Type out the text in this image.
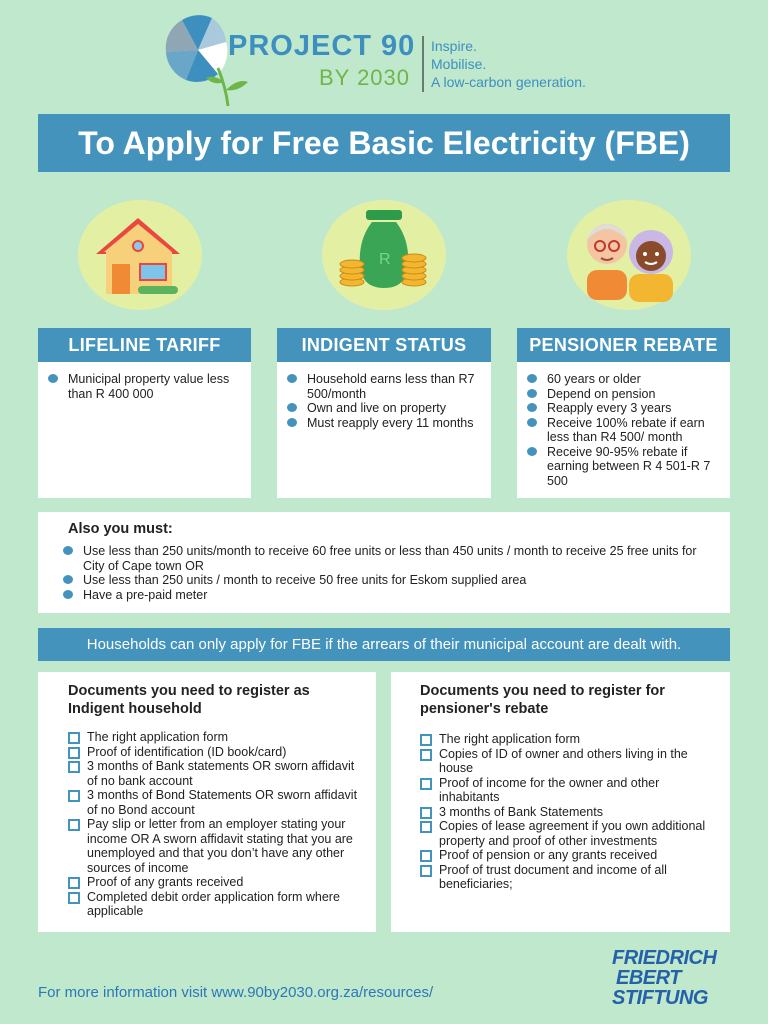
PROJECT 90
BY 2030
Inspire.
Mobilise.
A low-carbon generation.
To Apply for Free Basic Electricity (FBE)
R
LIFELINE TARIFF	INDIGENT STATUS	PENSIONER REBATE
Municipal property value less than R 400 000
Household earns less than R7 500/month
Own and live on property
Must reapply every 11 months
60 years or older
Depend on pension
Reapply every 3 years
Receive 100% rebate if earn less than R4 500/ month
Receive 90-95% rebate if earning between R 4 501-R 7 500
Also you must:
Use less than 250 units/month to receive 60 free units or less than 450 units / month to receive 25 free units for City of Cape town OR
Use less than 250 units / month to receive 50 free units for Eskom supplied area
Have a pre-paid meter
Households can only apply for FBE if the arrears of their municipal account are dealt with.
Documents you need to register as Indigent household
The right application form
Proof of identification (ID book/card)
3 months of Bank statements OR sworn affidavit of no bank account
3 months of Bond Statements OR sworn affidavit of no Bond account
Pay slip or letter from an employer stating your income OR A sworn affidavit stating that you are unemployed and that you don’t have any other sources of income
Proof of any grants received
Completed debit order application form where applicable
Documents you need to register for pensioner's rebate
The right application form
Copies of ID of owner and others living in the house
Proof of income for the owner and other inhabitants
3 months of Bank Statements
Copies of lease agreement if you own additional property and proof of other investments
Proof of pension or any grants received
Proof of trust document and income of all beneficiaries;
For more information visit www.90by2030.org.za/resources/
FRIEDRICH
EBERT
STIFTUNG
